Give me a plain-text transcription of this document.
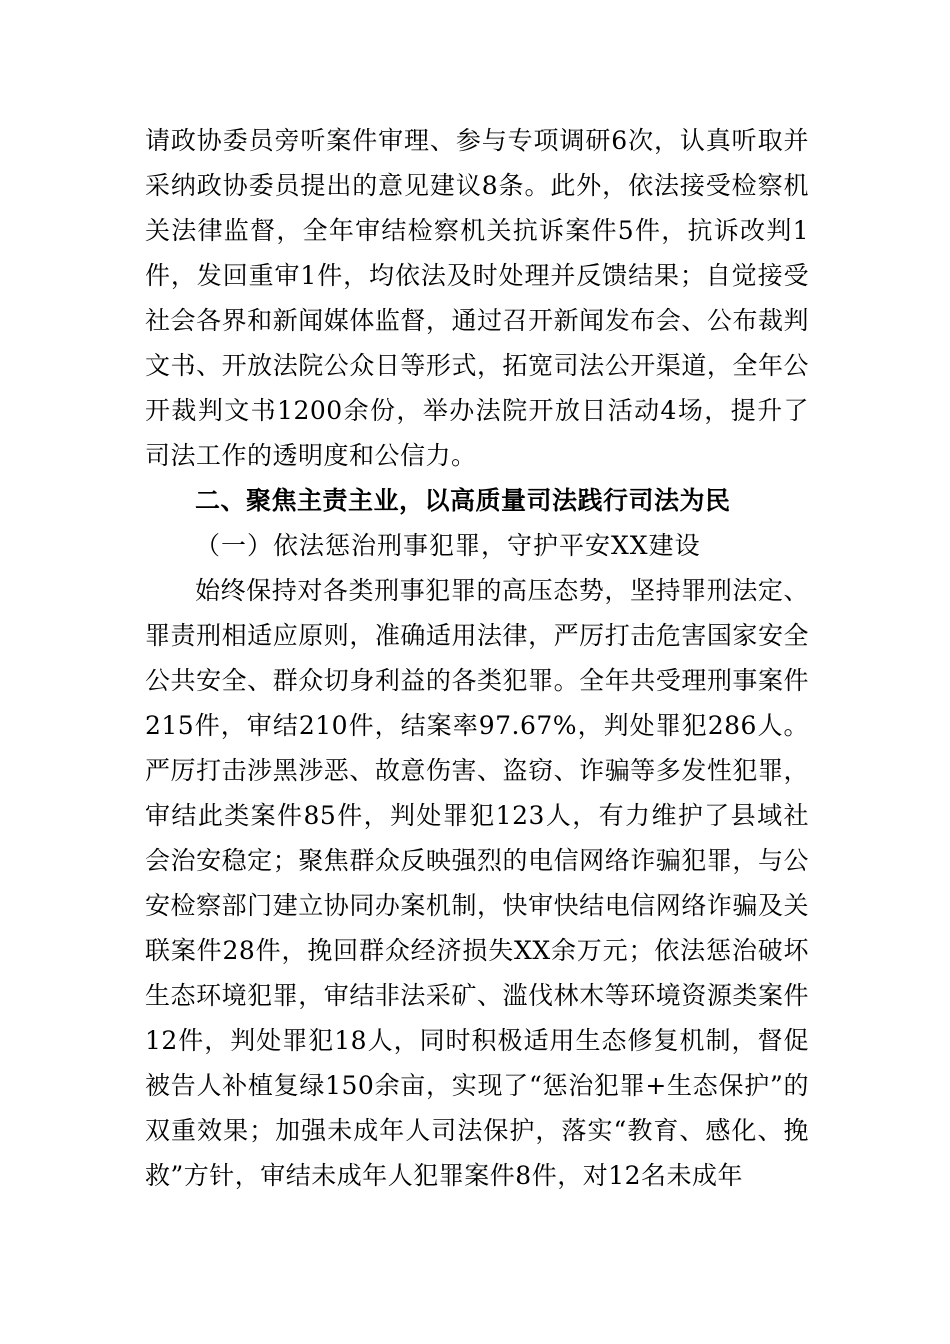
请政协委员旁听案件审理、参与专项调研6次，认真听取并采纳政协委员提出的意见建议8条。此外，依法接受检察机关法律监督，全年审结检察机关抗诉案件5件，抗诉改判1件，发回重审1件，均依法及时处理并反馈结果；自觉接受社会各界和新闻媒体监督，通过召开新闻发布会、公布裁判文书、开放法院公众日等形式，拓宽司法公开渠道，全年公开裁判文书1200余份，举办法院开放日活动4场，提升了司法工作的透明度和公信力。

二、聚焦主责主业，以高质量司法践行司法为民

（一）依法惩治刑事犯罪，守护平安XX建设

始终保持对各类刑事犯罪的高压态势，坚持罪刑法定、罪责刑相适应原则，准确适用法律，严厉打击危害国家安全公共安全、群众切身利益的各类犯罪。全年共受理刑事案件215件，审结210件，结案率97.67%，判处罪犯286人。严厉打击涉黑涉恶、故意伤害、盗窃、诈骗等多发性犯罪，审结此类案件85件，判处罪犯123人，有力维护了县域社会治安稳定；聚焦群众反映强烈的电信网络诈骗犯罪，与公安检察部门建立协同办案机制，快审快结电信网络诈骗及关联案件28件，挽回群众经济损失XX余万元；依法惩治破坏生态环境犯罪，审结非法采矿、滥伐林木等环境资源类案件12件，判处罪犯18人，同时积极适用生态修复机制，督促被告人补植复绿150余亩，实现了“惩治犯罪+生态保护”的双重效果；加强未成年人司法保护，落实“教育、感化、挽救”方针，审结未成年人犯罪案件8件，对12名未成年
